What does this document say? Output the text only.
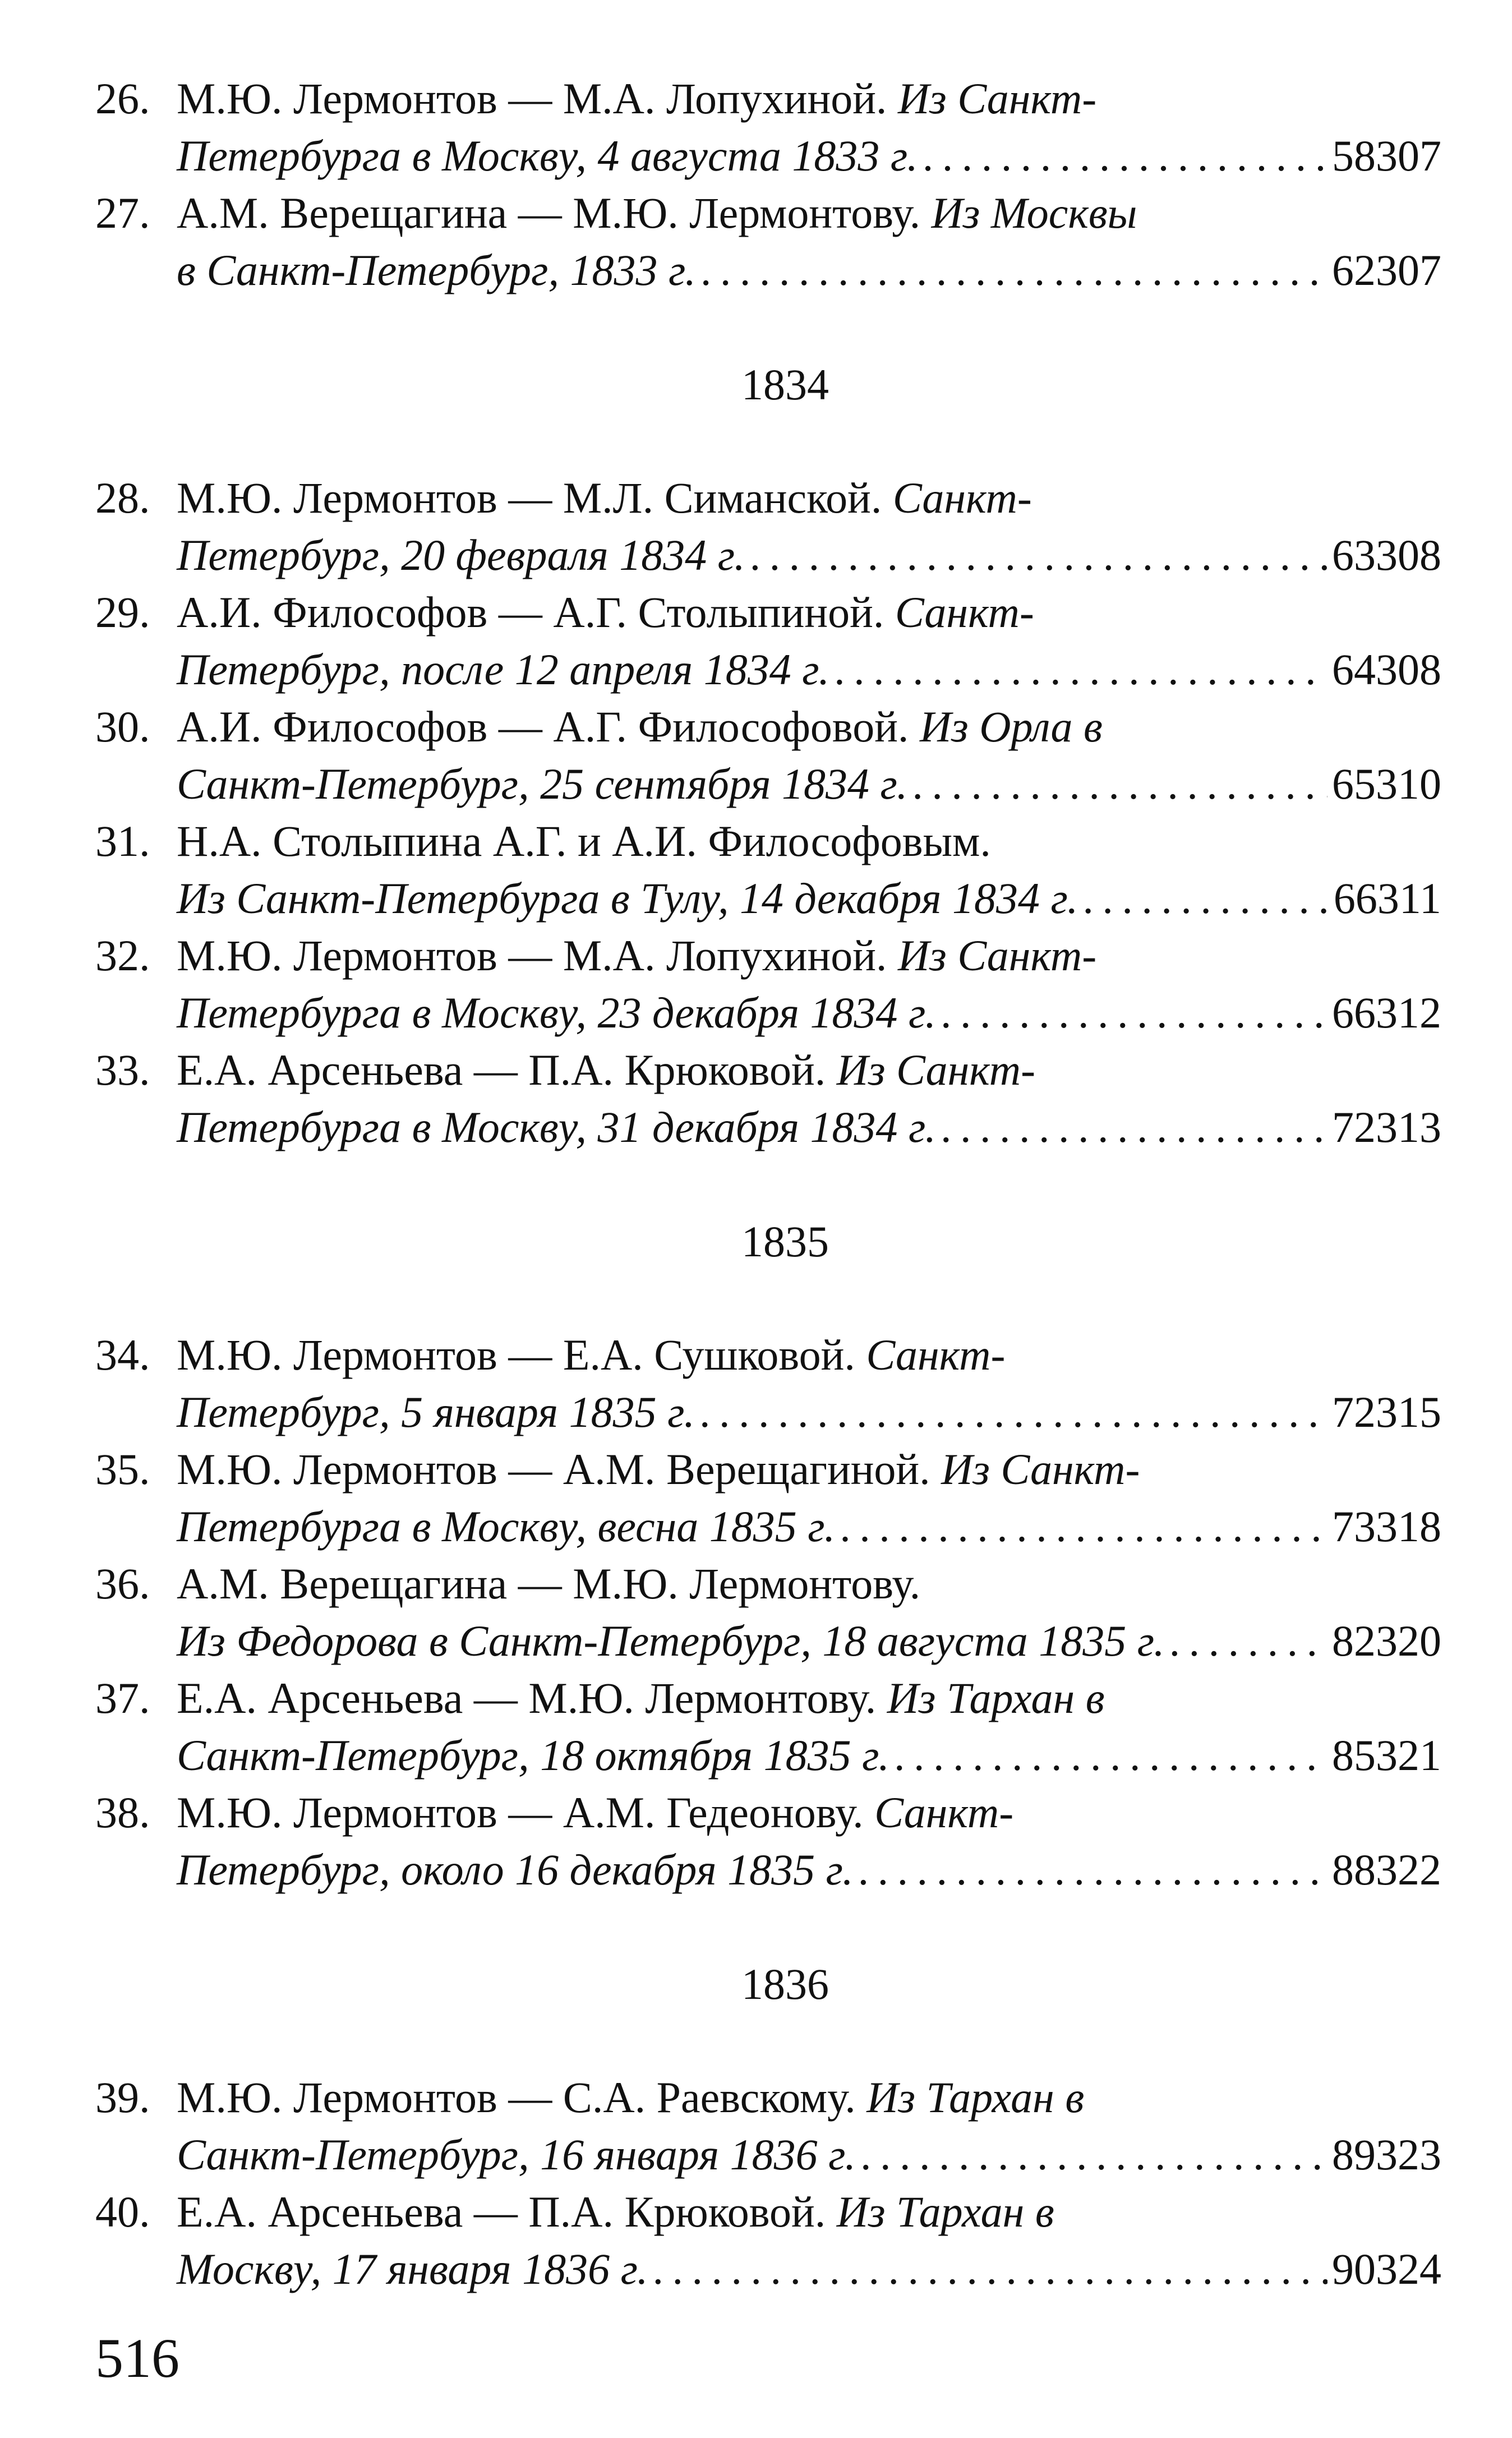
26. М.Ю. Лермонтов — М.А. Лопухиной.
Из Санкт-
Петербурга в Москву, 4 августа 1833 г. . . .	58 307
27. А.М. Верещагина — М.Ю. Лермонтову.
Из Москвы
в Санкт-Петербург, 1833 г. . . .	62 307
1834
28. М.Ю. Лермонтов — М.Л. Симанской.
Санкт-
Петербург, 20 февраля 1834 г. . . .	63 308
29. А.И. Философов — А.Г. Столыпиной.
Санкт-
Петербург, после 12 апреля 1834 г. . . .	64 308
30. А.И. Философов — А.Г. Философовой.
Из Орла в
Санкт-Петербург, 25 сентября 1834 г. . . .	65 310
31. Н.А. Столыпина А.Г. и А.И. Философовым.
Из Санкт-Петербурга в Тулу, 14 декабря 1834 г. . . .	66 311
32. М.Ю. Лермонтов — М.А. Лопухиной.
Из Санкт-
Петербурга в Москву, 23 декабря 1834 г. . . .	66 312
33. Е.А. Арсеньева — П.А. Крюковой.
Из Санкт-
Петербурга в Москву, 31 декабря 1834 г. . . .	72 313
1835
34. М.Ю. Лермонтов — Е.А. Сушковой.
Санкт-
Петербург, 5 января 1835 г. . . .	72 315
35. М.Ю. Лермонтов — А.М. Верещагиной.
Из Санкт-
Петербурга в Москву, весна 1835 г. . . .	73 318
36. А.М. Верещагина — М.Ю. Лермонтову.
Из Федорова в Санкт-Петербург, 18 августа 1835 г. . . .	82 320
37. Е.А. Арсеньева — М.Ю. Лермонтову.
Из Тархан в
Санкт-Петербург, 18 октября 1835 г. . . .	85 321
38. М.Ю. Лермонтов — А.М. Гедеонову.
Санкт-
Петербург, около 16 декабря 1835 г. . . .	88 322
1836
39. М.Ю. Лермонтов — С.А. Раевскому.
Из Тархан в
Санкт-Петербург, 16 января 1836 г. . . .	89 323
40. Е.А. Арсеньева — П.А. Крюковой.
Из Тархан в
Москву, 17 января 1836 г. . . .	90 324
516
